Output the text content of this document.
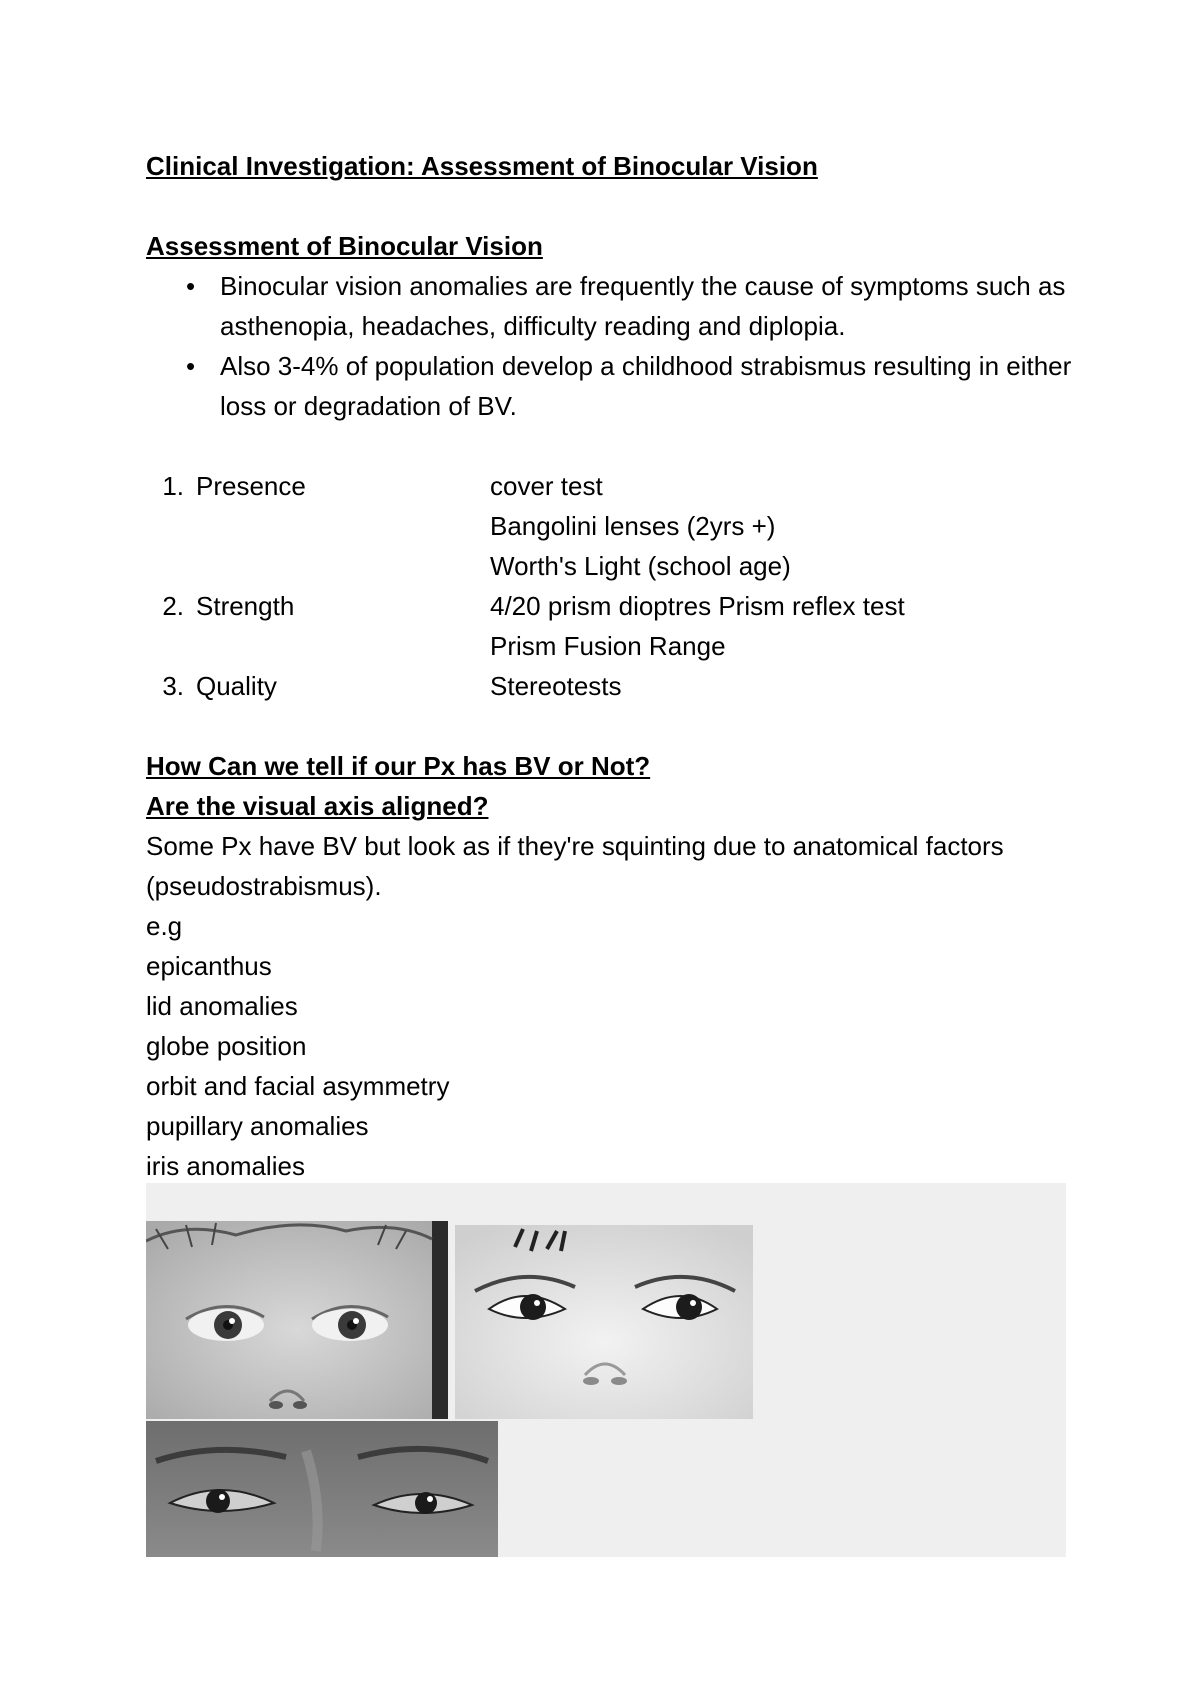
Clinical Investigation: Assessment of Binocular Vision

Assessment of Binocular Vision

• Binocular vision anomalies are frequently the cause of symptoms such as asthenopia, headaches, difficulty reading and diplopia.
• Also 3-4% of population develop a childhood strabismus resulting in either loss or degradation of BV.
1. Presence	cover test
Bangolini lenses (2yrs +)
Worth's Light (school age)
2. Strength	4/20 prism dioptres Prism reflex test
Prism Fusion Range
3. Quality	Stereotests

How Can we tell if our Px has BV or Not?

Are the visual axis aligned?

Some Px have BV but look as if they're squinting due to anatomical factors (pseudostrabismus).

e.g

epicanthus

lid anomalies

globe position

orbit and facial asymmetry

pupillary anomalies

iris anomalies
